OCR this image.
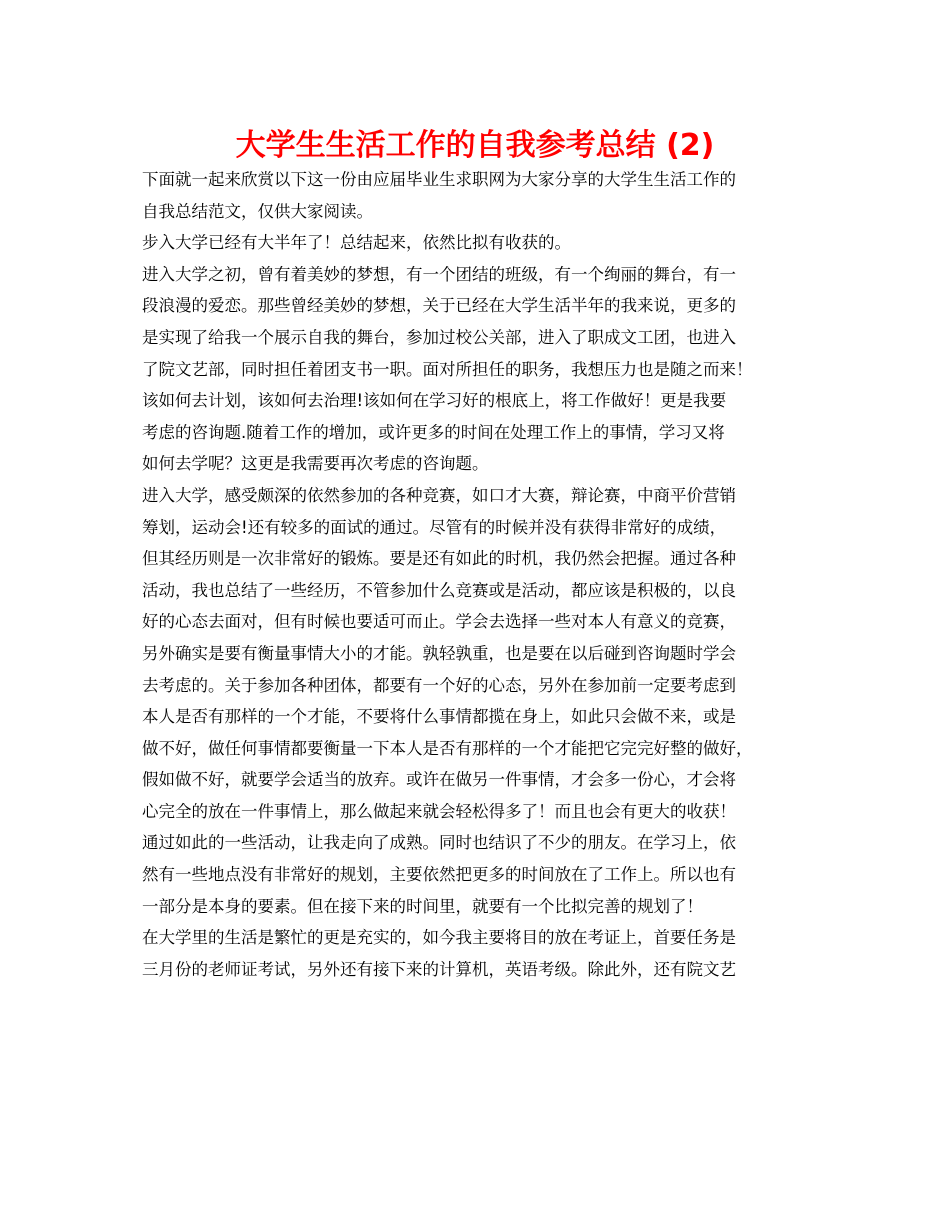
大学生生活工作的自我参考总结 (2)
下面就一起来欣赏以下这一份由应届毕业生求职网为大家分享的大学生生活工作的
自我总结范文，仅供大家阅读。
步入大学已经有大半年了！总结起来，依然比拟有收获的。
进入大学之初，曾有着美妙的梦想，有一个团结的班级，有一个绚丽的舞台，有一
段浪漫的爱恋。那些曾经美妙的梦想，关于已经在大学生活半年的我来说，更多的
是实现了给我一个展示自我的舞台，参加过校公关部，进入了职成文工团，也进入
了院文艺部，同时担任着团支书一职。面对所担任的职务，我想压力也是随之而来！
该如何去计划，该如何去治理!该如何在学习好的根底上，将工作做好！更是我要
考虑的咨询题.随着工作的增加，或许更多的时间在处理工作上的事情，学习又将
如何去学呢？这更是我需要再次考虑的咨询题。
进入大学，感受颇深的依然参加的各种竞赛，如口才大赛，辩论赛，中商平价营销
筹划，运动会!还有较多的面试的通过。尽管有的时候并没有获得非常好的成绩，
但其经历则是一次非常好的锻炼。要是还有如此的时机，我仍然会把握。通过各种
活动，我也总结了一些经历，不管参加什么竞赛或是活动，都应该是积极的，以良
好的心态去面对，但有时候也要适可而止。学会去选择一些对本人有意义的竞赛，
另外确实是要有衡量事情大小的才能。孰轻孰重，也是要在以后碰到咨询题时学会
去考虑的。关于参加各种团体，都要有一个好的心态，另外在参加前一定要考虑到
本人是否有那样的一个才能，不要将什么事情都揽在身上，如此只会做不来，或是
做不好，做任何事情都要衡量一下本人是否有那样的一个才能把它完完好整的做好，
假如做不好，就要学会适当的放弃。或许在做另一件事情，才会多一份心，才会将
心完全的放在一件事情上，那么做起来就会轻松得多了！而且也会有更大的收获！
通过如此的一些活动，让我走向了成熟。同时也结识了不少的朋友。在学习上，依
然有一些地点没有非常好的规划，主要依然把更多的时间放在了工作上。所以也有
一部分是本身的要素。但在接下来的时间里，就要有一个比拟完善的规划了！
在大学里的生活是繁忙的更是充实的，如今我主要将目的放在考证上，首要任务是
三月份的老师证考试，另外还有接下来的计算机，英语考级。除此外，还有院文艺
